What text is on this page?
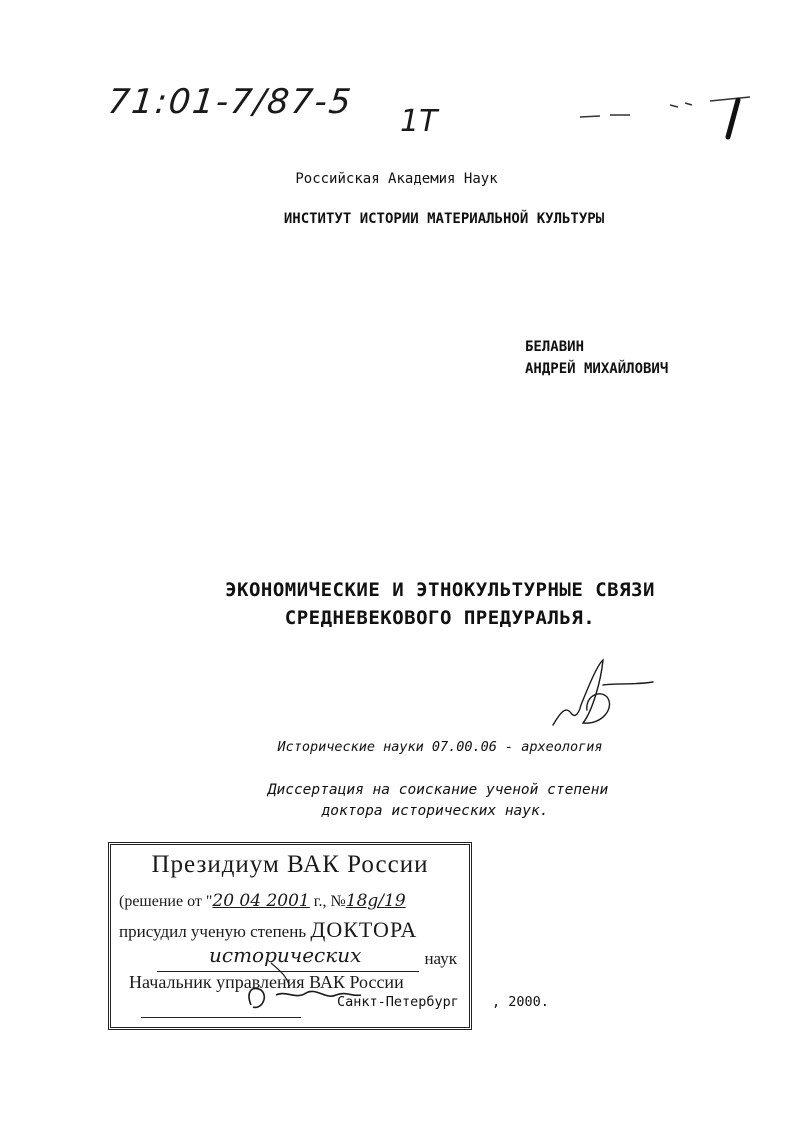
71:01-7/87-5 1T
Российская Академия Наук
ИНСТИТУТ ИСТОРИИ МАТЕРИАЛЬНОЙ КУЛЬТУРЫ
БЕЛАВИН
АНДРЕЙ МИХАЙЛОВИЧ
ЭКОНОМИЧЕСКИЕ И ЭТНОКУЛЬТУРНЫЕ СВЯЗИ
СРЕДНЕВЕКОВОГО ПРЕДУРАЛЬЯ.
Исторические науки 07.00.06 - археология
Диссертация на соискание ученой степени
доктора исторических наук.
Президиум ВАК России
(решение от "20 04 2001 г., №18g/19
присудил ученую степень ДОКТОРА
исторических	наук
Начальник управления ВАК России
Санкт-Петербург , 2000.
